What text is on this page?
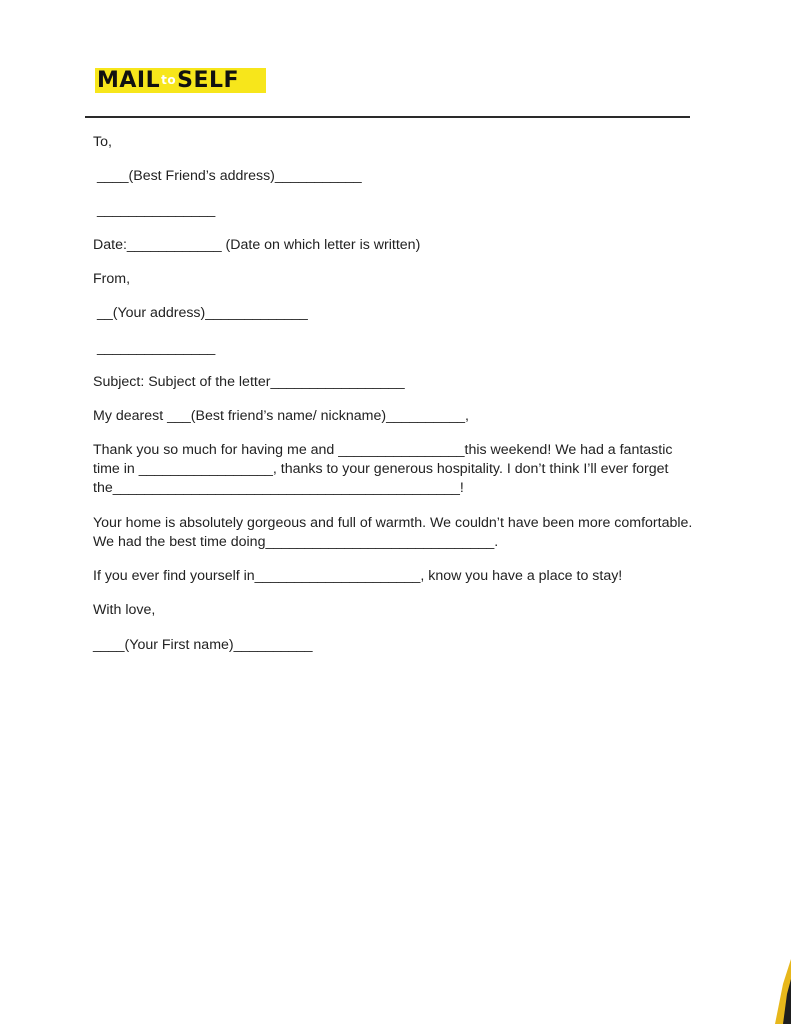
MAILtoSELF
To,
____(Best Friend’s address)___________
_______________
Date:____________ (Date on which letter is written)
From,
__(Your address)_____________
_______________
Subject: Subject of the letter_________________
My dearest ___(Best friend’s name/ nickname)__________,
Thank you so much for having me and ________________this weekend! We had a fantastic
time in _________________, thanks to your generous hospitality. I don’t think I’ll ever forget
the____________________________________________!
Your home is absolutely gorgeous and full of warmth. We couldn’t have been more comfortable.
We had the best time doing_____________________________.
If you ever find yourself in_____________________, know you have a place to stay!
With love,
____(Your First name)__________
